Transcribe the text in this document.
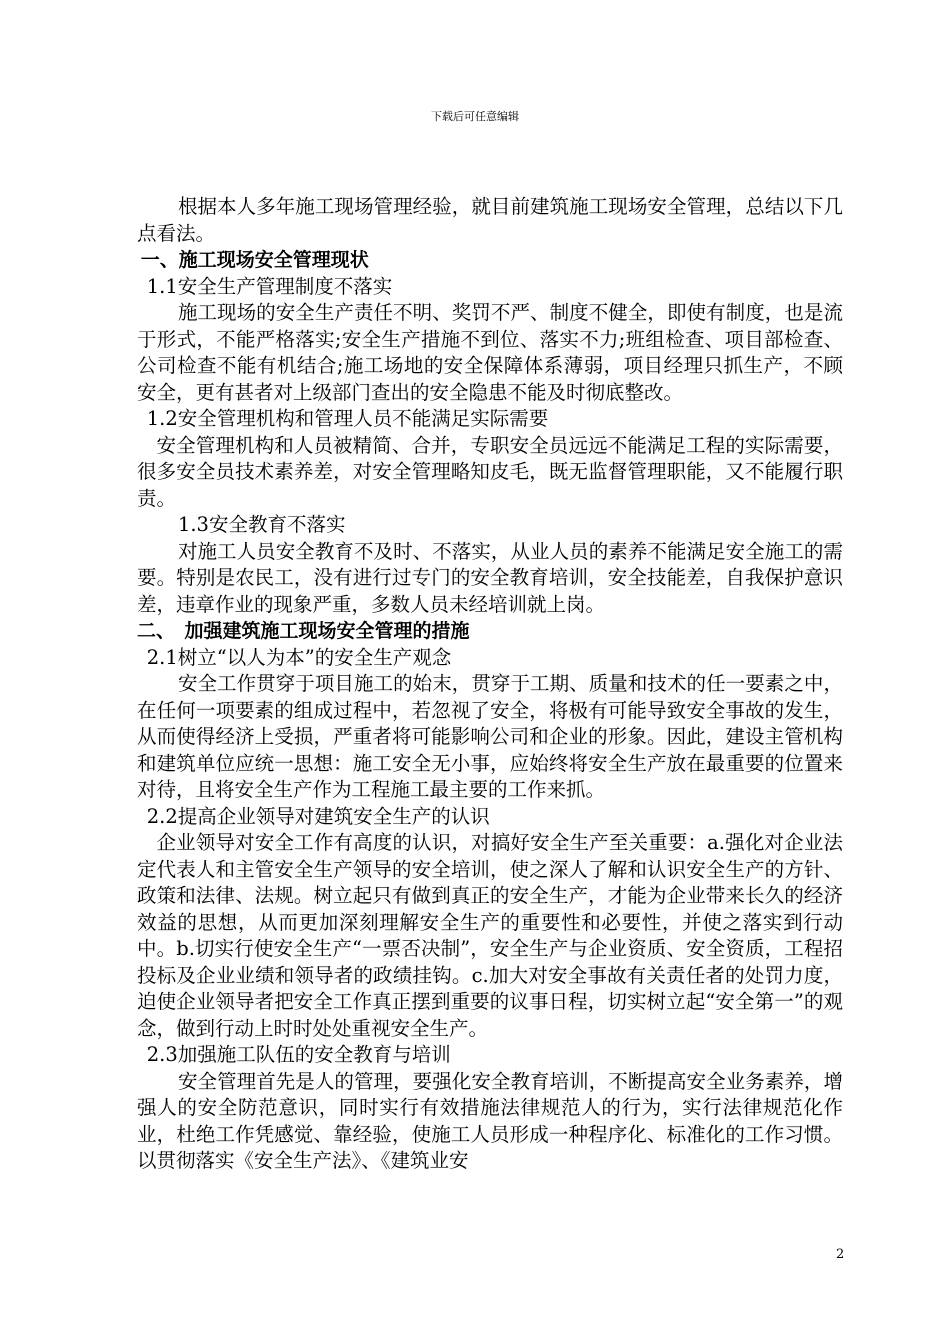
下载后可任意编辑

根据本人多年施工现场管理经验，就目前建筑施工现场安全管理，总结以下几点看法。

一、施工现场安全管理现状

1.1安全生产管理制度不落实

施工现场的安全生产责任不明、奖罚不严、制度不健全，即使有制度，也是流于形式，不能严格落实;安全生产措施不到位、落实不力;班组检查、项目部检查、公司检查不能有机结合;施工场地的安全保障体系薄弱，项目经理只抓生产，不顾安全，更有甚者对上级部门查出的安全隐患不能及时彻底整改。

1.2安全管理机构和管理人员不能满足实际需要

安全管理机构和人员被精简、合并，专职安全员远远不能满足工程的实际需要，很多安全员技术素养差，对安全管理略知皮毛，既无监督管理职能，又不能履行职责。

1.3安全教育不落实

对施工人员安全教育不及时、不落实，从业人员的素养不能满足安全施工的需要。特别是农民工，没有进行过专门的安全教育培训，安全技能差，自我保护意识差，违章作业的现象严重，多数人员未经培训就上岗。

二、　加强建筑施工现场安全管理的措施

2.1树立“以人为本”的安全生产观念

安全工作贯穿于项目施工的始末，贯穿于工期、质量和技术的任一要素之中，在任何一项要素的组成过程中，若忽视了安全，将极有可能导致安全事故的发生，从而使得经济上受损，严重者将可能影响公司和企业的形象。因此，建设主管机构和建筑单位应统一思想：施工安全无小事，应始终将安全生产放在最重要的位置来对待，且将安全生产作为工程施工最主要的工作来抓。

2.2提高企业领导对建筑安全生产的认识

企业领导对安全工作有高度的认识，对搞好安全生产至关重要：a.强化对企业法定代表人和主管安全生产领导的安全培训，使之深人了解和认识安全生产的方针、政策和法律、法规。树立起只有做到真正的安全生产，才能为企业带来长久的经济效益的思想，从而更加深刻理解安全生产的重要性和必要性，并使之落实到行动中。b.切实行使安全生产“一票否决制”，安全生产与企业资质、安全资质，工程招投标及企业业绩和领导者的政绩挂钩。c.加大对安全事故有关责任者的处罚力度，迫使企业领导者把安全工作真正摆到重要的议事日程，切实树立起“安全第一”的观念，做到行动上时时处处重视安全生产。

2.3加强施工队伍的安全教育与培训

安全管理首先是人的管理，要强化安全教育培训，不断提高安全业务素养，增强人的安全防范意识，同时实行有效措施法律规范人的行为，实行法律规范化作业，杜绝工作凭感觉、靠经验，使施工人员形成一种程序化、标准化的工作习惯。以贯彻落实《安全生产法》、《建筑业安

2
